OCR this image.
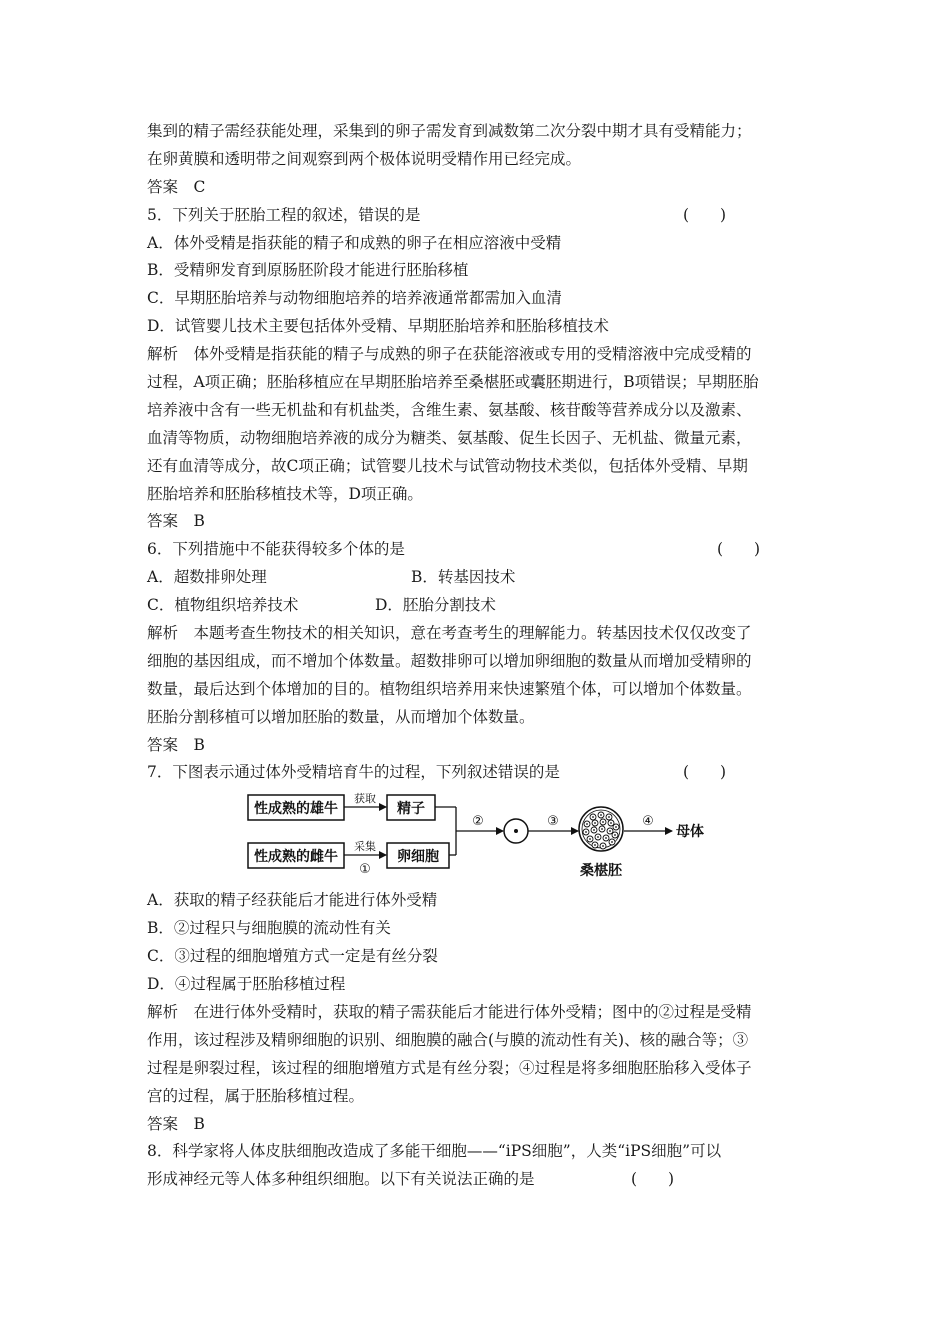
集到的精子需经获能处理，采集到的卵子需发育到减数第二次分裂中期才具有受精能力；
在卵黄膜和透明带之间观察到两个极体说明受精作用已经完成。
答案　C
5．下列关于胚胎工程的叙述，错误的是	(　　)
A．体外受精是指获能的精子和成熟的卵子在相应溶液中受精
B．受精卵发育到原肠胚阶段才能进行胚胎移植
C．早期胚胎培养与动物细胞培养的培养液通常都需加入血清
D．试管婴儿技术主要包括体外受精、早期胚胎培养和胚胎移植技术
解析　体外受精是指获能的精子与成熟的卵子在获能溶液或专用的受精溶液中完成受精的
过程，A项正确；胚胎移植应在早期胚胎培养至桑椹胚或囊胚期进行，B项错误；早期胚胎
培养液中含有一些无机盐和有机盐类，含维生素、氨基酸、核苷酸等营养成分以及激素、
血清等物质，动物细胞培养液的成分为糖类、氨基酸、促生长因子、无机盐、微量元素，
还有血清等成分，故C项正确；试管婴儿技术与试管动物技术类似，包括体外受精、早期
胚胎培养和胚胎移植技术等，D项正确。
答案　B
6．下列措施中不能获得较多个体的是	(　　)
A．超数排卵处理	B．转基因技术
C．植物组织培养技术	D．胚胎分割技术
解析　本题考查生物技术的相关知识，意在考查考生的理解能力。转基因技术仅仅改变了
细胞的基因组成，而不增加个体数量。超数排卵可以增加卵细胞的数量从而增加受精卵的
数量，最后达到个体增加的目的。植物组织培养用来快速繁殖个体，可以增加个体数量。
胚胎分割移植可以增加胚胎的数量，从而增加个体数量。
答案　B
7．下图表示通过体外受精培育牛的过程，下列叙述错误的是	(　　)
性成熟的雄牛
性成熟的雌牛
获取
采集
①
精子
卵细胞
②	③
桑椹胚
④
母体
A．获取的精子经获能后才能进行体外受精
B．②过程只与细胞膜的流动性有关
C．③过程的细胞增殖方式一定是有丝分裂
D．④过程属于胚胎移植过程
解析　在进行体外受精时，获取的精子需获能后才能进行体外受精；图中的②过程是受精
作用，该过程涉及精卵细胞的识别、细胞膜的融合(与膜的流动性有关)、核的融合等；③
过程是卵裂过程，该过程的细胞增殖方式是有丝分裂；④过程是将多细胞胚胎移入受体子
宫的过程，属于胚胎移植过程。
答案　B
8．科学家将人体皮肤细胞改造成了多能干细胞——“iPS细胞”，人类“iPS细胞”可以
形成神经元等人体多种组织细胞。以下有关说法正确的是	(　　)
